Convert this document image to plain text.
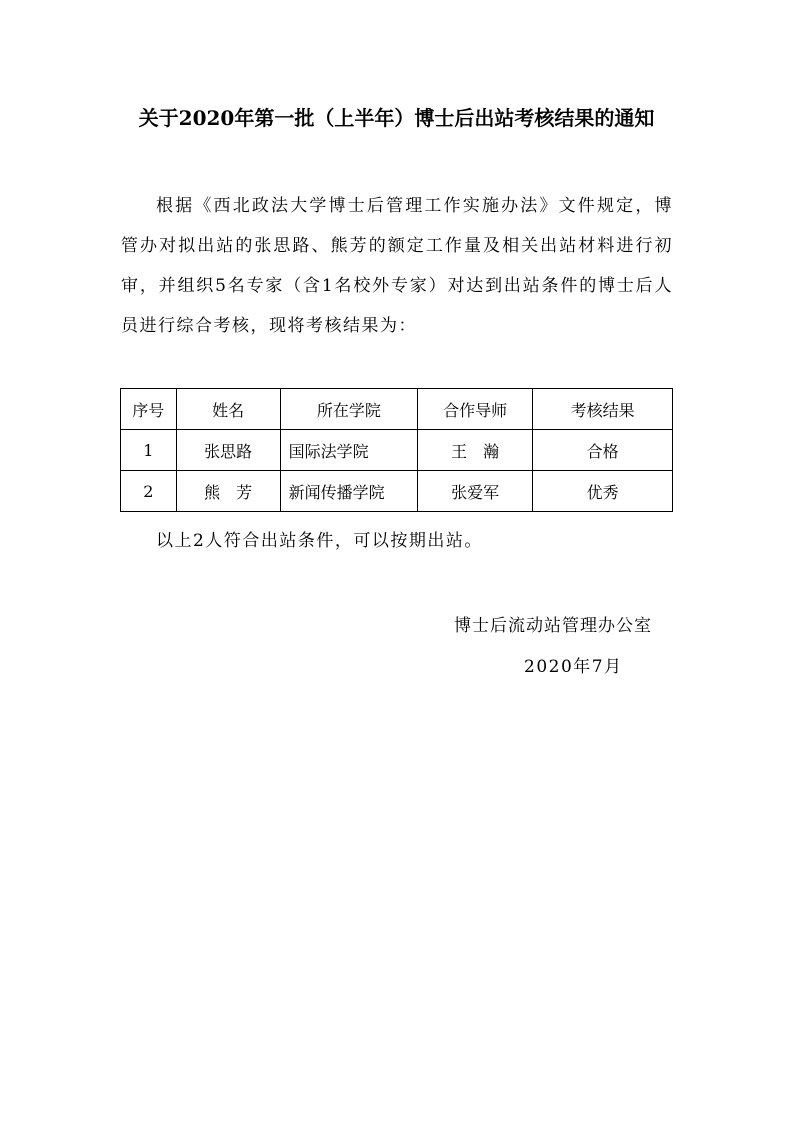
关于2020年第一批（上半年）博士后出站考核结果的通知
根据《西北政法大学博士后管理工作实施办法》文件规定，博管办对拟出站的张思路、熊芳的额定工作量及相关出站材料进行初审，并组织5名专家（含1名校外专家）对达到出站条件的博士后人员进行综合考核，现将考核结果为：
序号	姓名	所在学院	合作导师	考核结果
1	张思路	国际法学院	王　瀚	合格
2	熊　芳	新闻传播学院	张爱军	优秀
以上2人符合出站条件，可以按期出站。
博士后流动站管理办公室
2020年7月
